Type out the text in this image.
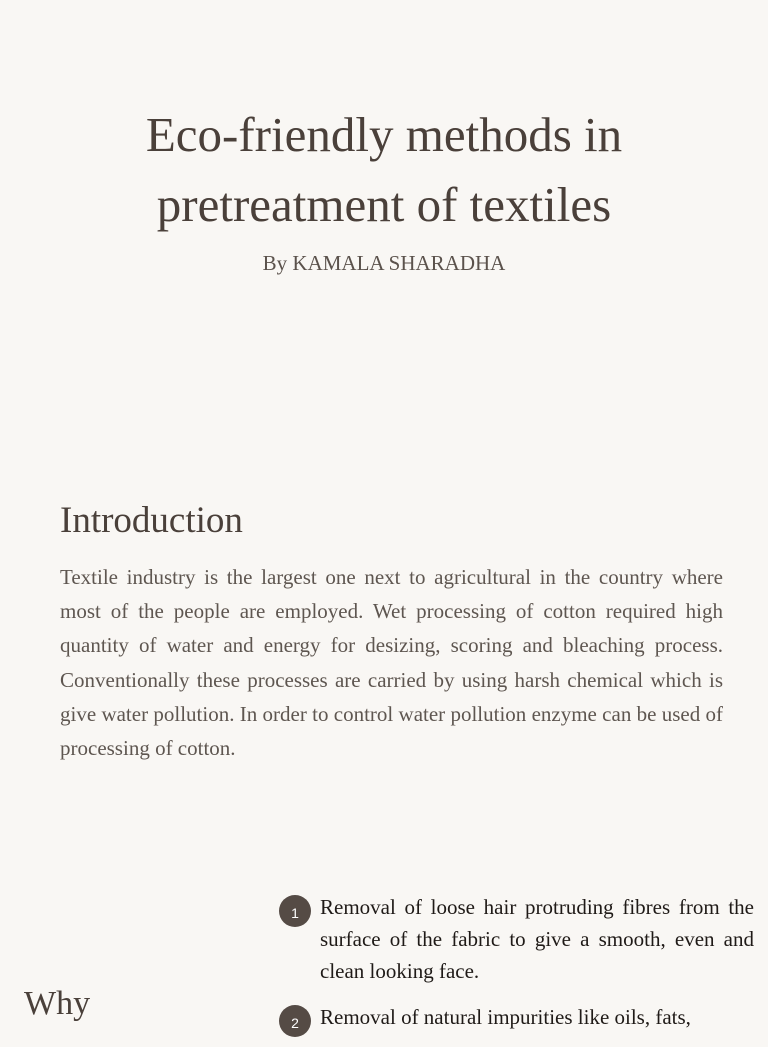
Eco-friendly methods in
pretreatment of textiles
By KAMALA SHARADHA
Introduction

Textile industry is the largest one next to agricultural in the country where most of the people are employed. Wet processing of cotton required high quantity of water and energy for desizing, scoring and bleaching process. Conventionally these processes are carried by using harsh chemical which is give water pollution. In order to control water pollution enzyme can be used of processing of cotton.

Why
1	Removal of loose hair protruding fibres from the surface of the fabric to give a smooth, even and clean looking face.
2	Removal of natural impurities like oils, fats,
